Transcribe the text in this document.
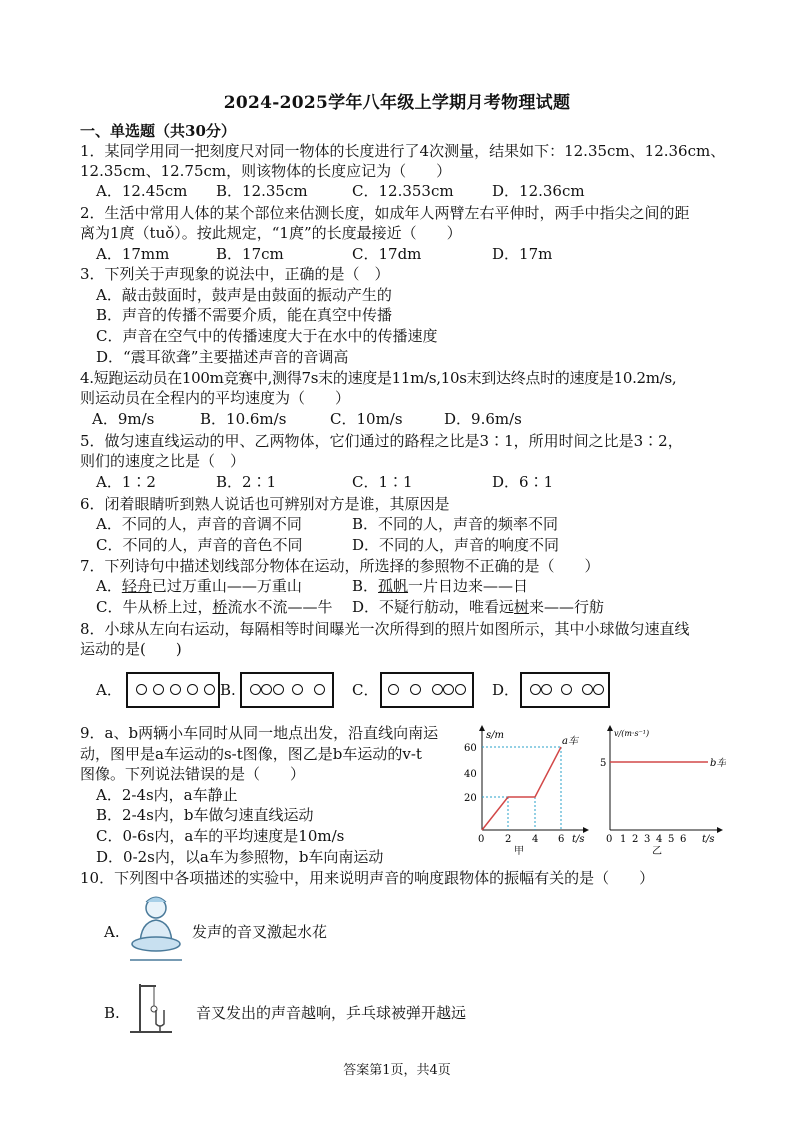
2024-2025学年八年级上学期月考物理试题
一、单选题（共30分）
1．某同学用同一把刻度尺对同一物体的长度进行了4次测量，结果如下：12.35cm、12.36cm、
12.35cm、12.75cm，则该物体的长度应记为（　　）
A．12.45cm B．12.35cm	C．12.353cm	D．12.36cm
2．生活中常用人体的某个部位来估测长度，如成年人两臂左右平伸时，两手中指尖之间的距
离为1庹（tuǒ）。按此规定，“1庹”的长度最接近（　　）
A．17mm	B．17cm	C．17dm	D．17m
3．下列关于声现象的说法中，正确的是（　）
A．敲击鼓面时，鼓声是由鼓面的振动产生的
B．声音的传播不需要介质，能在真空中传播
C．声音在空气中的传播速度大于在水中的传播速度
D．“震耳欲聋”主要描述声音的音调高
4.短跑运动员在100m竞赛中,测得7s末的速度是11m/s,10s末到达终点时的速度是10.2m/s,
则运动员在全程内的平均速度为（　　）
A．9m/s	B．10.6m/s	C．10m/s	D．9.6m/s
5．做匀速直线运动的甲、乙两物体，它们通过的路程之比是3∶1，所用时间之比是3∶2，
则们的速度之比是（　）
A．1∶2	B．2∶1	C．1∶1	D．6∶1
6．闭着眼睛听到熟人说话也可辨别对方是谁，其原因是
A．不同的人，声音的音调不同	B．不同的人，声音的频率不同
C．不同的人，声音的音色不同	D．不同的人，声音的响度不同
7．下列诗句中描述划线部分物体在运动，所选择的参照物不正确的是（　　）
A．轻舟已过万重山——万重山	B．孤帆一片日边来——日
C．牛从桥上过，桥流水不流——牛 D．不疑行舫动，唯看远树来——行舫
8．小球从左向右运动，每隔相等时间曝光一次所得到的照片如图所示，其中小球做匀速直线
运动的是(　　)
A．	B.	C．	D．
9．a、b两辆小车同时从同一地点出发，沿直线向南运
动，图甲是a车运动的s-t图像，图乙是b车运动的v-t
图像。下列说法错误的是（　　）
A．2-4s内，a车静止
B．2-4s内，b车做匀速直线运动
C．0-6s内，a车的平均速度是10m/s
D．0-2s内，以a车为参照物，b车向南运动
s/m
a车
60
40
20
0 2 4 6 t/s
甲
v/(m·s⁻¹)
b车
5
0 1 2 3 4 5 6 t/s
乙
10．下列图中各项描述的实验中，用来说明声音的响度跟物体的振幅有关的是（　　）
A.	发声的音叉激起水花
B.	音叉发出的声音越响，乒乓球被弹开越远
答案第1页，共4页
